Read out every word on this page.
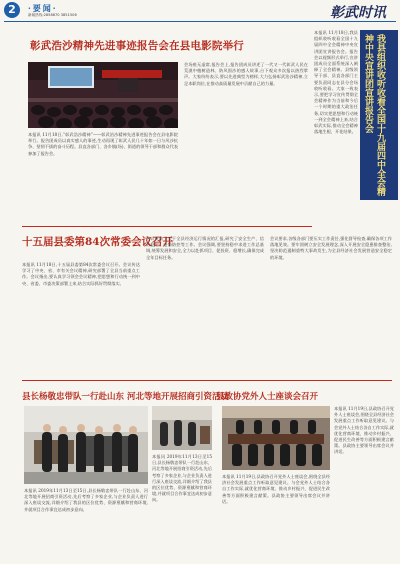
2	·要闻·
新闻热线:2858870 3851506	彰武时讯
彰武浩沙精神先进事迹报告会在县电影院举行
本报讯 11月18日,“彰武浩沙精神”——彰武治沙精神先进事迹报告会在县电影院举行。报告团成员以真实感人的事迹,生动再现了彰武人民几十年如一日与风沙抗争、坚韧不拔的奋斗历程。县直各部门、各乡镇(场)、街道的领导干部和群众代表参加了报告会。
会场座无虚席,报告会上,报告团成员讲述了一代又一代彰武人民在荒漠中植树造林、防风固沙的感人故事,台下观众多次报以热烈掌声。大家纷纷表示,要以先进典型为榜样,大力弘扬彰武治沙精神,立足本职岗位,在推动高质量发展中贡献自己的力量。
本报讯 11月18日,我县组织收听收看全国十九届四中全会精神中央宣讲团宣讲报告会。报告会以视频形式举行,宣讲团成员全面系统深入阐释了全会精神。县级领导干部、县直各部门主要负责同志在县分会场收听收看。大家一致表示,要把学习宣传贯彻全会精神作为当前和今后一个时期的重大政治任务,切实把思想和行动统一到全会精神上来,结合彰武实际,推动全会精神落地生根、开花结果。	我县组织收听收看全国十九届四中全会精神中央宣讲团宣讲报告会
十五届县委第84次常委会议召开
本报讯 11月18日,十五届县委第84次常委会议召开。会议传达学习了中央、省、市有关会议精神,研究部署了全县当前重点工作。会议指出,要认真学习领会会议精神,把思想和行动统一到中央、省委、市委决策部署上来,结合实际抓好贯彻落实。
会议听取了关于全县经济运行情况的汇报,研究了安全生产、信访稳定、疫情防控等工作。会议强调,要坚持稳中求进工作总基调,统筹发展和安全,全力以赴抓项目、促投资、稳增长,确保完成全年目标任务。
会议要求,各级各部门要压实工作责任,强化督导检查,确保各项工作落地见效。要牢固树立安全发展理念,深入开展安全隐患排查整治,坚决防范遏制重特大事故发生,为全县经济社会发展营造安全稳定的环境。
县长杨敬忠带队一行赴山东 河北等地开展招商引资活动
本报讯 2019年11月13日至15日,县长杨敬忠带队一行赴山东、河北等地开展招商引资活动,先后考察了多家企业,与企业负责人进行深入座谈交流,详细介绍了我县的区位优势、资源禀赋和营商环境,并就项目合作事宜达成初步意向。
本报讯 2019年11月13日至15日,县长杨敬忠带队一行赴山东、河北等地开展招商引资活动,先后考察了多家企业,与企业负责人进行深入座谈交流,详细介绍了我县的区位优势、资源禀赋和营商环境,并就项目合作事宜达成初步意向。
县政协党外人士座谈会召开
本报讯 11月19日,县政协召开党外人士座谈会,围绕全县经济社会发展重点工作听取意见建议。与会党外人士结合各自工作实际,就优化营商环境、推动乡村振兴、促进民生改善等方面积极建言献策。县政协主要领导出席会议并讲话。
本报讯 11月19日,县政协召开党外人士座谈会,围绕全县经济社会发展重点工作听取意见建议。与会党外人士结合各自工作实际,就优化营商环境、推动乡村振兴、促进民生改善等方面积极建言献策。县政协主要领导出席会议并讲话。
